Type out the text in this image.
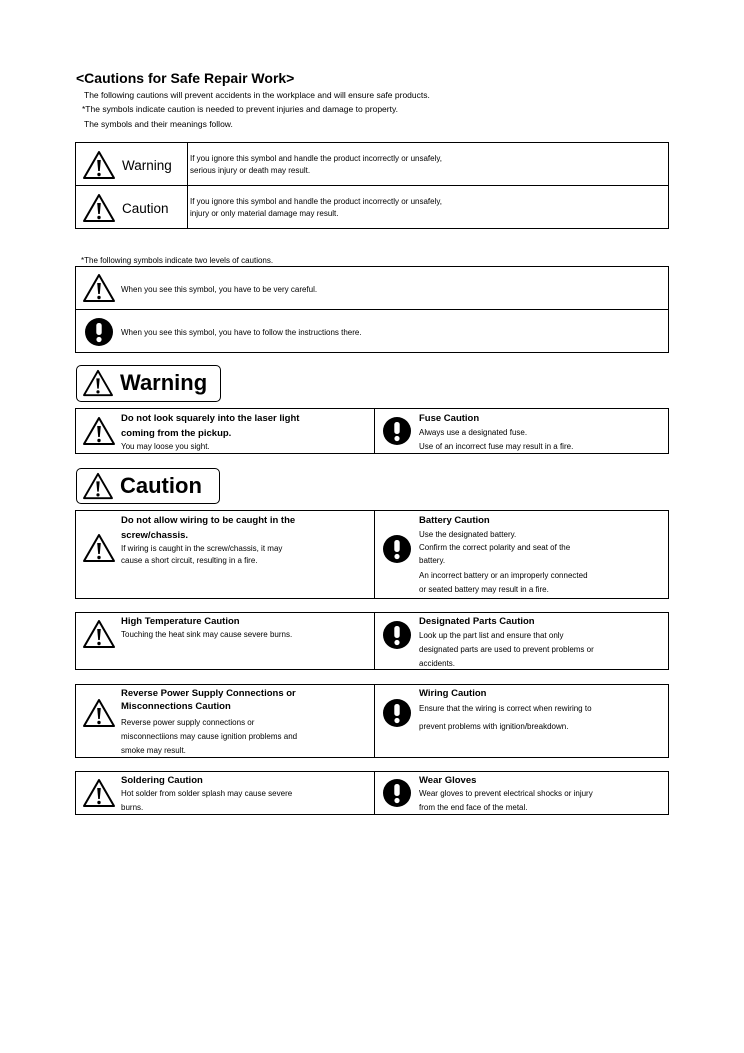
<Cautions for Safe Repair Work>
The following cautions will prevent accidents in the workplace and will ensure safe products.
*The symbols indicate caution is needed to prevent injuries and damage to property.
The symbols and their meanings follow.
Warning If you ignore this symbol and handle the product incorrectly or unsafely,
serious injury or death may result.
Caution	If you ignore this symbol and handle the product incorrectly or unsafely,
injury or only material damage may result.
*The following symbols indicate two levels of cautions.
When you see this symbol, you have to be very careful.
When you see this symbol, you have to follow the instructions there.
Warning
Do not look squarely into the laser light
coming from the pickup.
You may loose you sight.
Fuse Caution
Always use a designated fuse.
Use of an incorrect fuse may result in a fire.
Caution
Do not allow wiring to be caught in the
screw/chassis.
If wiring is caught in the screw/chassis, it may
cause a short circuit, resulting in a fire.
Battery Caution
Use the designated battery.
Confirm the correct polarity and seat of the
battery.
An incorrect battery or an improperly connected
or seated battery may result in a fire.
High Temperature Caution
Touching the heat sink may cause severe burns.
Designated Parts Caution
Look up the part list and ensure that only
designated parts are used to prevent problems or
accidents.
Reverse Power Supply Connections or
Misconnections Caution
Reverse power supply connections or
misconnectiions may cause ignition problems and
smoke may result.
Wiring Caution
Ensure that the wiring is correct when rewiring to
prevent problems with ignition/breakdown.
Soldering Caution
Hot solder from solder splash may cause severe
burns.
Wear Gloves
Wear gloves to prevent electrical shocks or injury
from the end face of the metal.
